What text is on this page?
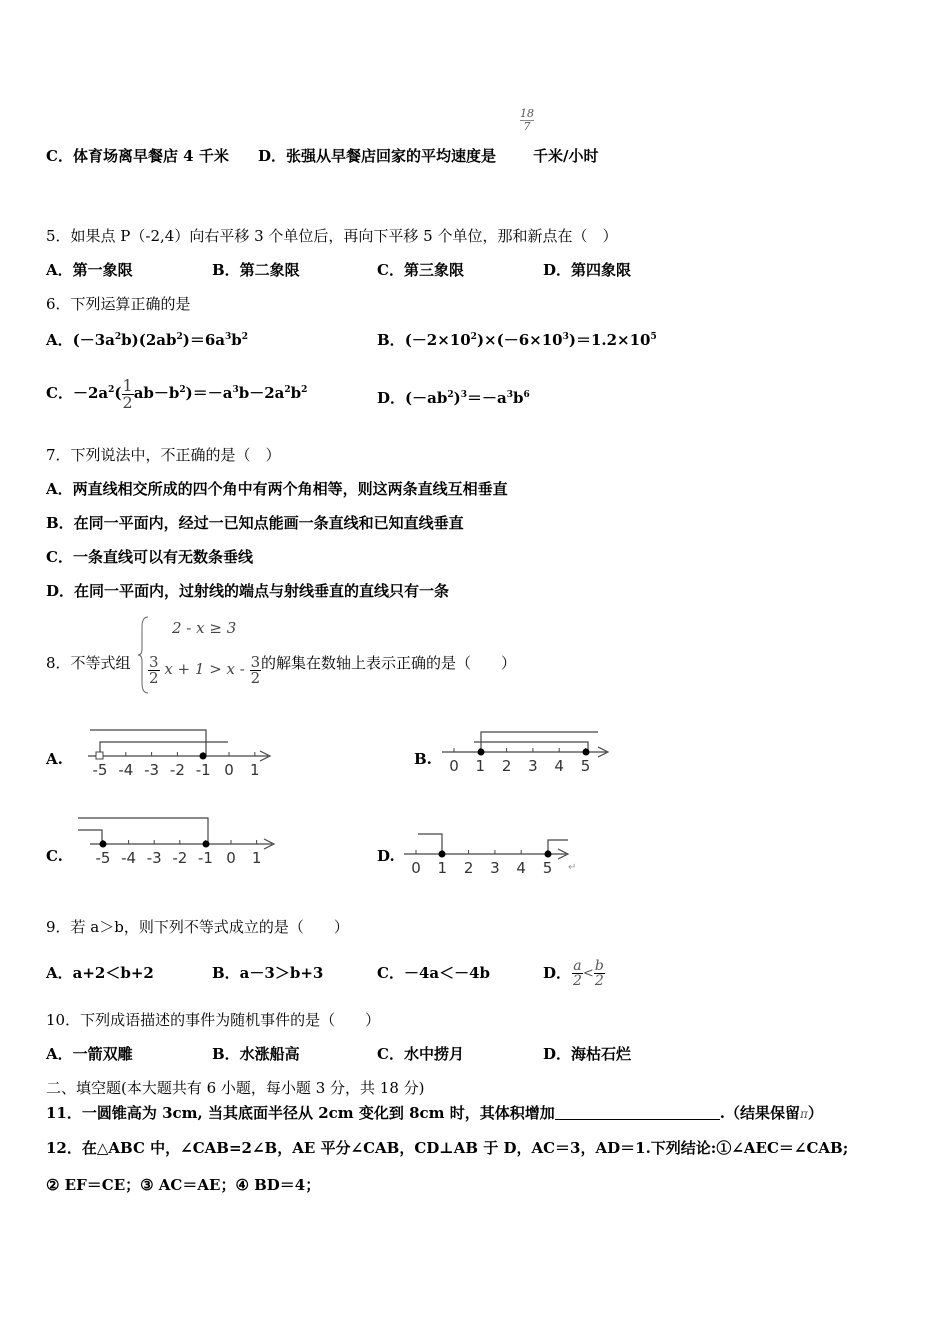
$\frac{18}{7}$
C．体育场离早餐店 4 千米 D．张强从早餐店回家的平均速度是 千米/小时
5．如果点 P（-2,4）向右平移 3 个单位后，再向下平移 5 个单位，那和新点在（　）
A．第一象限	B．第二象限	C．第三象限	D．第四象限
6．下列运算正确的是
A．$(-3a^2b)(2ab^2)=6a^3b^2$	B．$(-2\times 10^2)\times(-6\times 10^3)=1.2\times 10^5$
C．$-2a^2( \frac{1}{2} ab-b^2)=-a^3b-2a^2b^2$	D．$(-ab^2)^3=-a^3b^6$
7．下列说法中，不正确的是（　）
A．两直线相交所成的四个角中有两个角相等，则这两条直线互相垂直
B．在同一平面内，经过一已知点能画一条直线和已知直线垂直
C．一条直线可以有无数条垂线
D．在同一平面内，过射线的端点与射线垂直的直线只有一条
8．不等式组
2 - x ≥ 3
$\frac{3}{2}$ $x + 1 > x - \frac{3}{2}$ 的解集在数轴上表示正确的是（　　）
A.	B.
C.	D.
-5 -4 -3 -2 -1 0 1	0 1 2 3 4 5
-5 -4 -3 -2 -1 0 1
0 1 2 3 4 5 ↵
9．若 a＞b，则下列不等式成立的是（　　）
A．a+2＜b+2	B．a－3＞b+3	C．－4a＜－4b	D． $\frac{a}{2} < \frac{b}{2}$
10．下列成语描述的事件为随机事件的是（　　）
A．一箭双雕	B．水涨船高	C．水中捞月	D．海枯石烂
二、填空题(本大题共有 6 小题，每小题 3 分，共 18 分)
11．一圆锥高为 3cm, 当其底面半径从 2cm 变化到 8cm 时，其体积增加	.（结果保留π）
12．在△ABC 中，∠CAB=2∠B，AE 平分∠CAB，CD⊥AB 于 D，AC＝3，AD＝1.下列结论:①∠AEC＝∠CAB;
② EF＝CE；③ AC＝AE；④ BD＝4；
